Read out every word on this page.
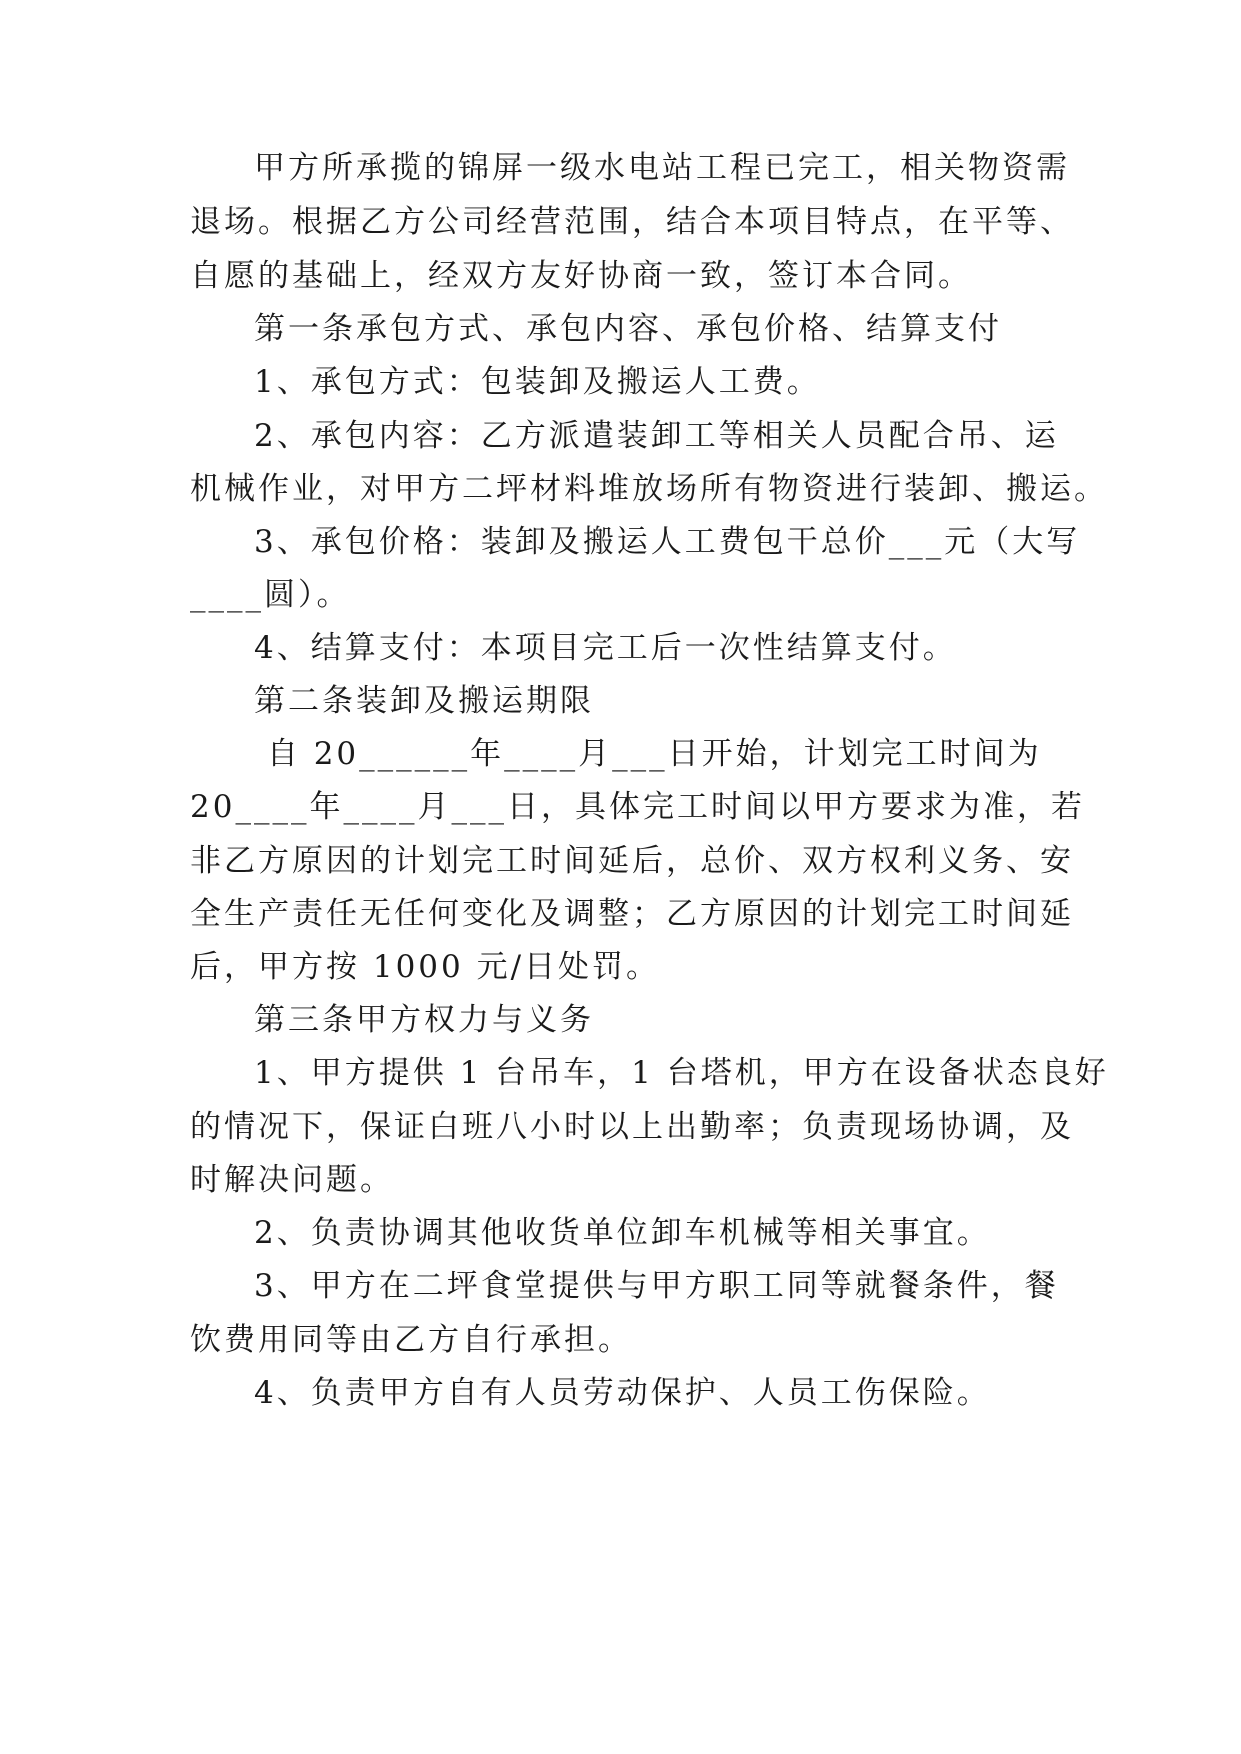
甲方所承揽的锦屏一级水电站工程已完工，相关物资需
退场。根据乙方公司经营范围，结合本项目特点，在平等、
自愿的基础上，经双方友好协商一致，签订本合同。
第一条承包方式、承包内容、承包价格、结算支付
1、承包方式：包装卸及搬运人工费。
2、承包内容：乙方派遣装卸工等相关人员配合吊、运
机械作业，对甲方二坪材料堆放场所有物资进行装卸、搬运。
3、承包价格：装卸及搬运人工费包干总价___元（大写
____圆）。
4、结算支付：本项目完工后一次性结算支付。
第二条装卸及搬运期限
自 20______年____月___日开始，计划完工时间为
20____年____月___日，具体完工时间以甲方要求为准，若
非乙方原因的计划完工时间延后，总价、双方权利义务、安
全生产责任无任何变化及调整；乙方原因的计划完工时间延
后，甲方按 1000 元/日处罚。
第三条甲方权力与义务
1、甲方提供 1 台吊车，1 台塔机，甲方在设备状态良好
的情况下，保证白班八小时以上出勤率；负责现场协调，及
时解决问题。
2、负责协调其他收货单位卸车机械等相关事宜。
3、甲方在二坪食堂提供与甲方职工同等就餐条件，餐
饮费用同等由乙方自行承担。
4、负责甲方自有人员劳动保护、人员工伤保险。
